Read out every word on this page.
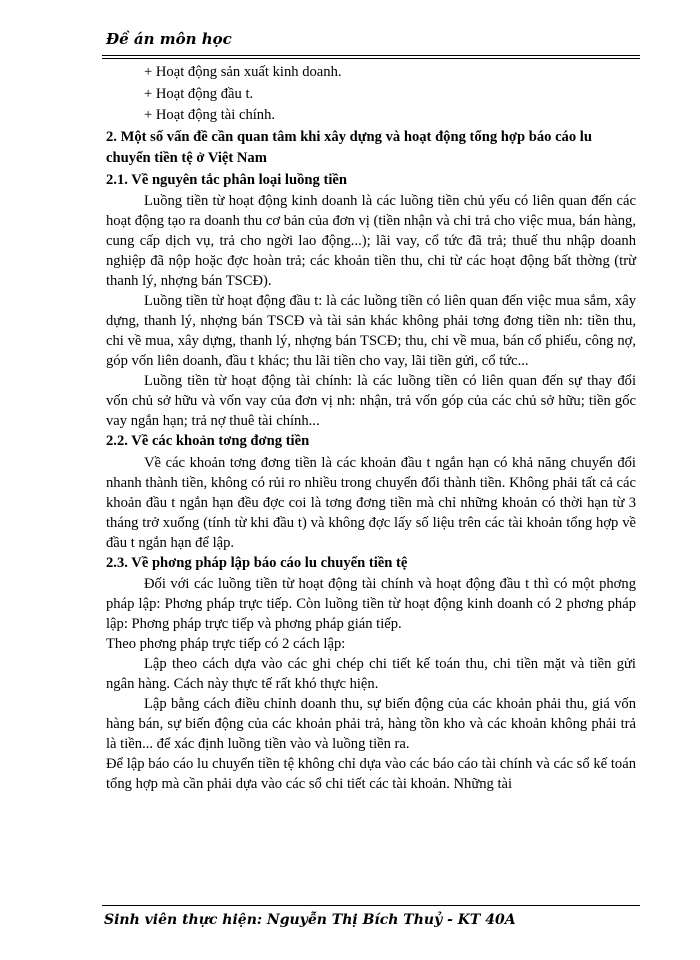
Đề án môn học

+ Hoạt động sản xuất kinh doanh.

+ Hoạt động đầu t.

+ Hoạt động tài chính.

2. Một số vấn đề cần quan tâm khi xây dựng và hoạt động tổng hợp báo cáo lu chuyển tiền tệ ở Việt Nam

2.1. Về nguyên tắc phân loại luồng tiền

Luồng tiền từ hoạt động kinh doanh là các luồng tiền chủ yếu có liên quan đến các hoạt động tạo ra doanh thu cơ bản của đơn vị (tiền nhận và chi trả cho việc mua, bán hàng, cung cấp dịch vụ, trả cho ngời lao động...); lãi vay, cổ tức đã trả; thuế thu nhập doanh nghiệp đã nộp hoặc đợc hoàn trả; các khoản tiền thu, chi từ các hoạt động bất thờng (trừ thanh lý, nhợng bán TSCĐ).

Luồng tiền từ hoạt động đầu t: là các luồng tiền có liên quan đến việc mua sắm, xây dựng, thanh lý, nhợng bán TSCĐ và tài sản khác không phải tơng đơng tiền nh: tiền thu, chi về mua, xây dựng, thanh lý, nhợng bán TSCĐ; thu, chi về mua, bán cổ phiếu, công nợ, góp vốn liên doanh, đầu t khác; thu lãi tiền cho vay, lãi tiền gửi, cổ tức...

Luồng tiền từ hoạt động tài chính: là các luồng tiền có liên quan đến sự thay đổi vốn chủ sở hữu và vốn vay của đơn vị nh: nhận, trả vốn góp của các chủ sở hữu; tiền gốc vay ngắn hạn; trả nợ thuê tài chính...

2.2. Về các khoản tơng đơng tiền

Về các khoản tơng đơng tiền là các khoản đầu t ngắn hạn có khả năng chuyển đổi nhanh thành tiền, không có rủi ro nhiều trong chuyển đổi thành tiền. Không phải tất cả các khoản đầu t ngắn hạn đều đợc coi là tơng đơng tiền mà chỉ những khoản có thời hạn từ 3 tháng trở xuống (tính từ khi đầu t) và không đợc lấy số liệu trên các tài khoản tổng hợp về đầu t ngắn hạn để lập.

2.3. Về phơng pháp lập báo cáo lu chuyển tiền tệ

Đối với các luồng tiền từ hoạt động tài chính và hoạt động đầu t thì có một phơng pháp lập: Phơng pháp trực tiếp. Còn luồng tiền từ hoạt động kinh doanh có 2 phơng pháp lập: Phơng pháp trực tiếp và phơng pháp gián tiếp.

Theo phơng pháp trực tiếp có 2 cách lập:

Lập theo cách dựa vào các ghi chép chi tiết kế toán thu, chi tiền mặt và tiền gửi ngân hàng. Cách này thực tế rất khó thực hiện.

Lập bằng cách điều chỉnh doanh thu, sự biến động của các khoản phải thu, giá vốn hàng bán, sự biến động của các khoản phải trả, hàng tồn kho và các khoản không phải trả là tiền... để xác định luồng tiền vào và luồng tiền ra.

Để lập báo cáo lu chuyển tiền tệ không chỉ dựa vào các báo cáo tài chính và các sổ kế toán tổng hợp mà cần phải dựa vào các sổ chi tiết các tài khoản. Những tài

Sinh viên thực hiện: Nguyễn Thị Bích Thuỷ - KT 40A
